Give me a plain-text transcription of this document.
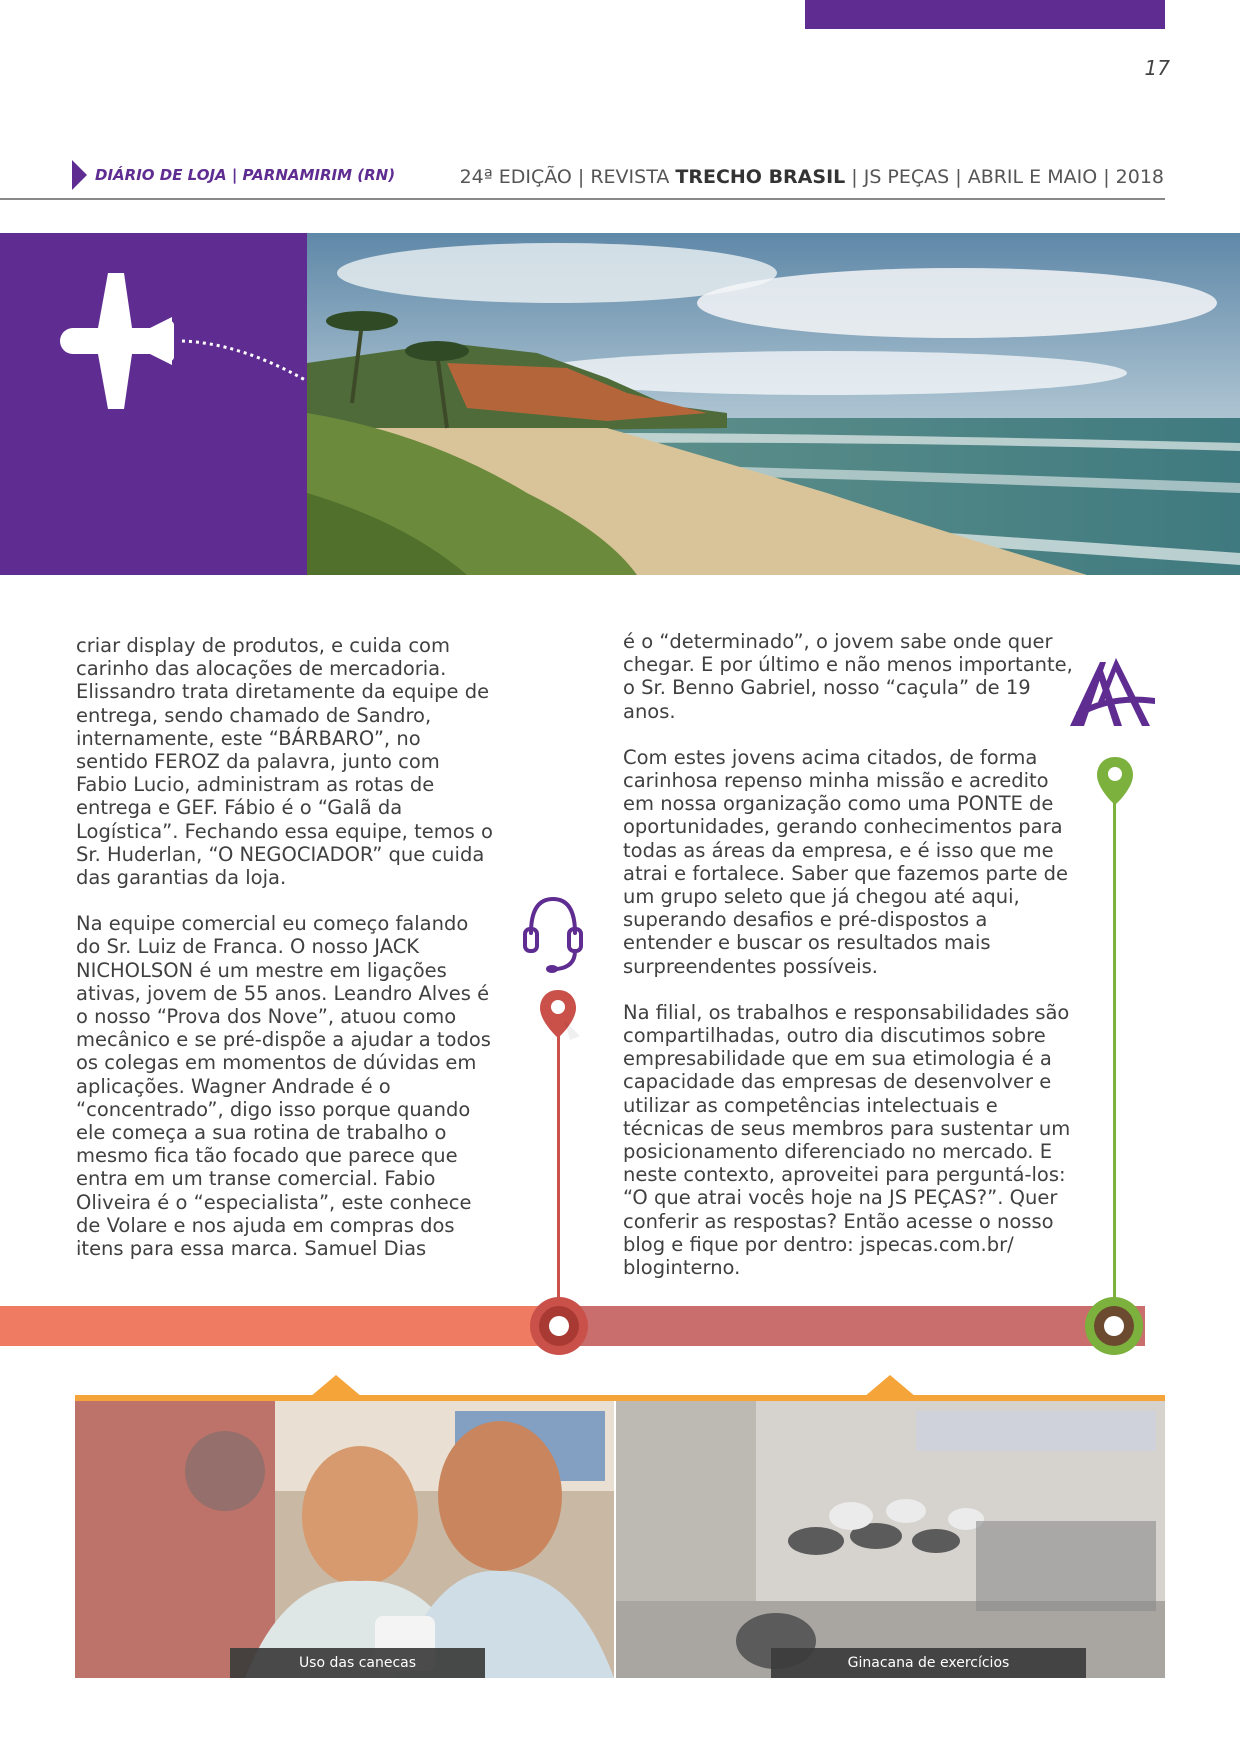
17
DIÁRIO DE LOJA | PARNAMIRIM (RN)	24ª EDIÇÃO | REVISTA TRECHO BRASIL | JS PEÇAS | ABRIL E MAIO | 2018

criar display de produtos, e cuida com carinho das alocações de mercadoria. Elissandro trata diretamente da equipe de entrega, sendo chamado de Sandro, internamente, este “BÁRBARO”, no sentido FEROZ da palavra, junto com Fabio Lucio, administram as rotas de entrega e GEF. Fábio é o “Galã da Logística”. Fechando essa equipe, temos o Sr. Huderlan, “O NEGOCIADOR” que cuida das garantias da loja.

Na equipe comercial eu começo falando do Sr. Luiz de Franca. O nosso JACK NICHOLSON é um mestre em ligações ativas, jovem de 55 anos. Leandro Alves é o nosso “Prova dos Nove”, atuou como mecânico e se pré-dispõe a ajudar a todos os colegas em momentos de dúvidas em aplicações. Wagner Andrade é o “concentrado”, digo isso porque quando ele começa a sua rotina de trabalho o mesmo fica tão focado que parece que entra em um transe comercial. Fabio Oliveira é o “especialista”, este conhece de Volare e nos ajuda em compras dos itens para essa marca. Samuel Dias

é o “determinado”, o jovem sabe onde quer chegar. E por último e não menos importante, o Sr. Benno Gabriel, nosso “caçula” de 19 anos.

Com estes jovens acima citados, de forma carinhosa repenso minha missão e acredito em nossa organização como uma PONTE de oportunidades, gerando conhecimentos para todas as áreas da empresa, e é isso que me atrai e fortalece. Saber que fazemos parte de um grupo seleto que já chegou até aqui, superando desafios e pré-dispostos a entender e buscar os resultados mais surpreendentes possíveis.

Na filial, os trabalhos e responsabilidades são compartilhadas, outro dia discutimos sobre empresabilidade que em sua etimologia é a capacidade das empresas de desenvolver e utilizar as competências intelectuais e técnicas de seus membros para sustentar um posicionamento diferenciado no mercado. E neste contexto, aproveitei para perguntá-los: “O que atrai vocês hoje na JS PEÇAS?”. Quer conferir as respostas? Então acesse o nosso blog e fique por dentro: jspecas.com.br/ bloginterno.

Uso das canecas	Ginacana de exercícios
